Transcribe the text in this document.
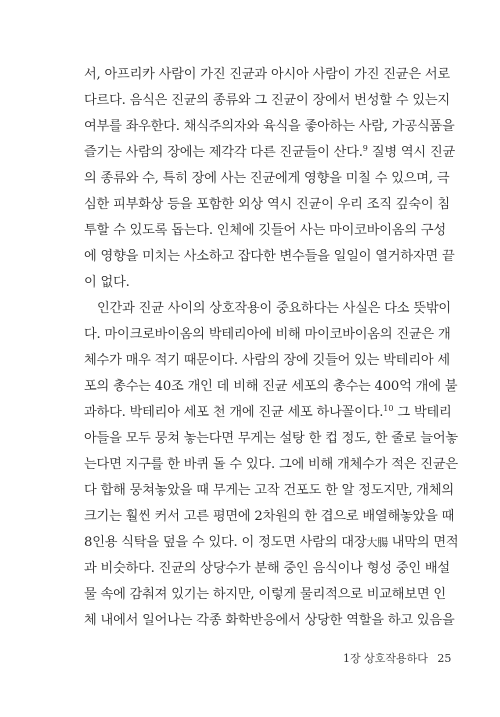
서, 아프리카 사람이 가진 진균과 아시아 사람이 가진 진균은 서로
다르다. 음식은 진균의 종류와 그 진균이 장에서 번성할 수 있는지
여부를 좌우한다. 채식주의자와 육식을 좋아하는 사람, 가공식품을
즐기는 사람의 장에는 제각각 다른 진균들이 산다.$^9$ 질병 역시 진균
의 종류와 수, 특히 장에 사는 진균에게 영향을 미칠 수 있으며, 극
심한 피부화상 등을 포함한 외상 역시 진균이 우리 조직 깊숙이 침
투할 수 있도록 돕는다. 인체에 깃들어 사는 마이코바이옴의 구성
에 영향을 미치는 사소하고 잡다한 변수들을 일일이 열거하자면 끝
이 없다.
인간과 진균 사이의 상호작용이 중요하다는 사실은 다소 뜻밖이
다. 마이크로바이옴의 박테리아에 비해 마이코바이옴의 진균은 개
체수가 매우 적기 때문이다. 사람의 장에 깃들어 있는 박테리아 세
포의 총수는 40조 개인 데 비해 진균 세포의 총수는 400억 개에 불
과하다. 박테리아 세포 천 개에 진균 세포 하나꼴이다.$^{10}$ 그 박테리
아들을 모두 뭉쳐 놓는다면 무게는 설탕 한 컵 정도, 한 줄로 늘어놓
는다면 지구를 한 바퀴 돌 수 있다. 그에 비해 개체수가 적은 진균은
다 합해 뭉쳐놓았을 때 무게는 고작 건포도 한 알 정도지만, 개체의
크기는 훨씬 커서 고른 평면에 2차원의 한 겹으로 배열해놓았을 때
8인용 식탁을 덮을 수 있다. 이 정도면 사람의 대장大腸 내막의 면적
과 비슷하다. 진균의 상당수가 분해 중인 음식이나 형성 중인 배설
물 속에 감춰져 있기는 하지만, 이렇게 물리적으로 비교해보면 인
체 내에서 일어나는 각종 화학반응에서 상당한 역할을 하고 있음을
1장 상호작용하다 25
